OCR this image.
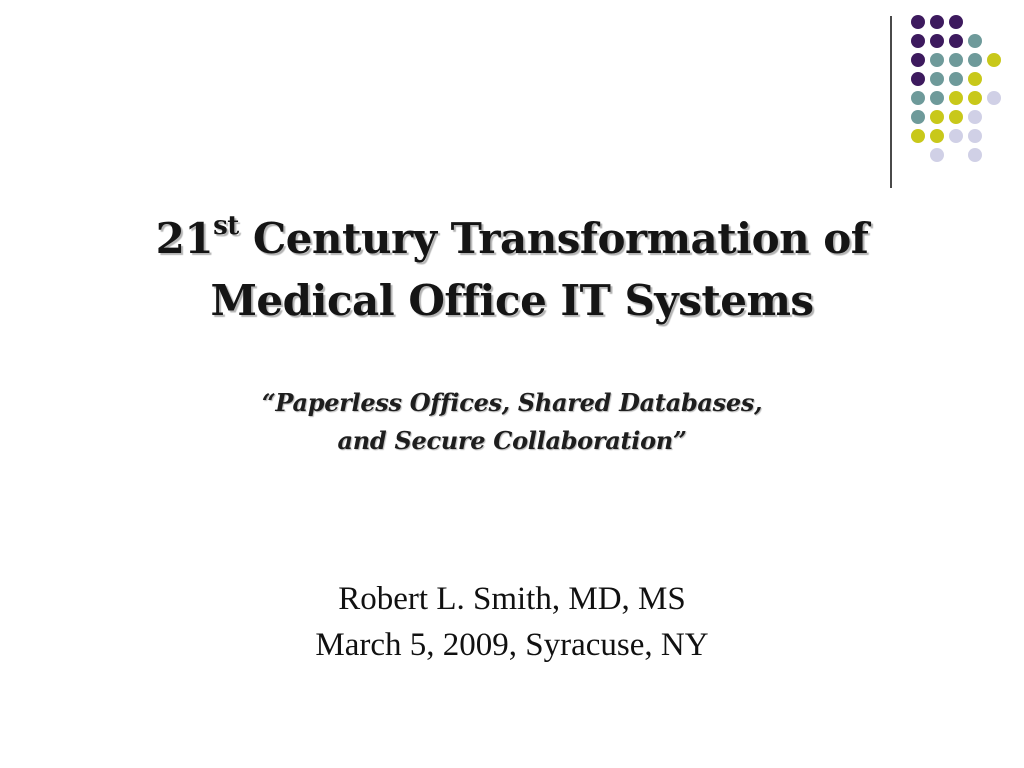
21st Century Transformation of
Medical Office IT Systems
“Paperless Offices, Shared Databases,
and Secure Collaboration”
Robert L. Smith, MD, MS
March 5, 2009, Syracuse, NY
